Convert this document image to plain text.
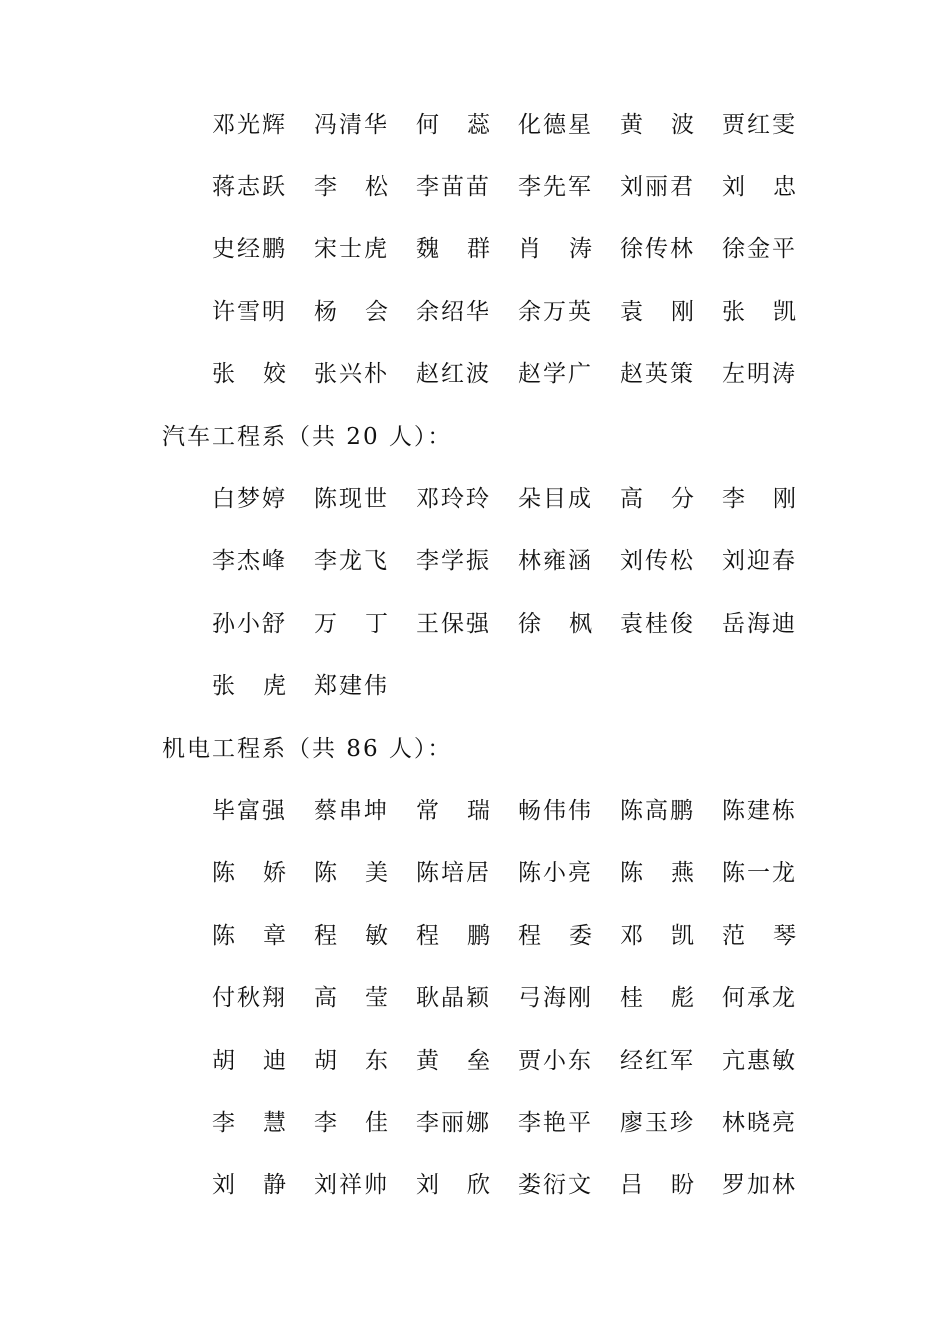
邓光辉	冯清华	何 蕊	化德星	黄 波	贾红雯
蒋志跃	李 松	李苗苗	李先军	刘丽君	刘 忠
史经鹏	宋士虎	魏 群	肖 涛	徐传林	徐金平
许雪明	杨 会	余绍华	余万英	袁 刚	张 凯
张 姣	张兴朴	赵红波	赵学广	赵英策	左明涛
汽车工程系（共 20 人）：
白梦婷	陈现世	邓玲玲	朵目成	高 分	李 刚
李杰峰	李龙飞	李学振	林雍涵	刘传松	刘迎春
孙小舒	万 丁	王保强	徐 枫	袁桂俊	岳海迪
张 虎	郑建伟
机电工程系（共 86 人）：
毕富强	蔡串坤	常 瑞	畅伟伟	陈高鹏	陈建栋
陈 娇	陈 美	陈培居	陈小亮	陈 燕	陈一龙
陈 章	程 敏	程 鹏	程 委	邓 凯	范 琴
付秋翔	高 莹	耿晶颖	弓海刚	桂 彪	何承龙
胡 迪	胡 东	黄 垒	贾小东	经红军	亢惠敏
李 慧	李 佳	李丽娜	李艳平	廖玉珍	林晓亮
刘 静	刘祥帅	刘 欣	娄衍文	吕 盼	罗加林
